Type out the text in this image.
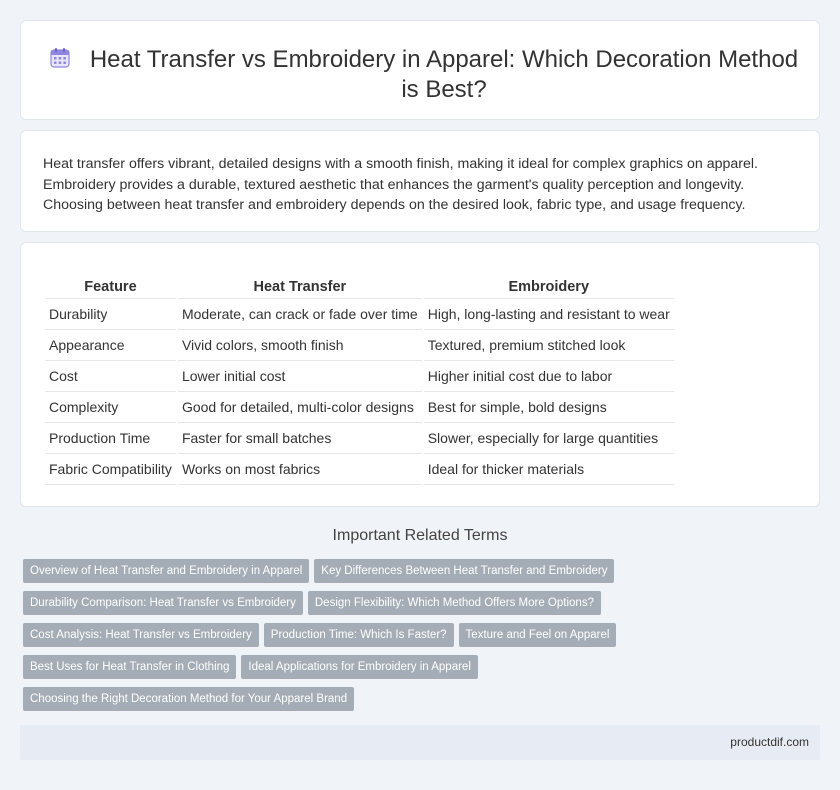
Heat Transfer vs Embroidery in Apparel: Which Decoration Method is Best?

Heat transfer offers vibrant, detailed designs with a smooth finish, making it ideal for complex graphics on apparel. Embroidery provides a durable, textured aesthetic that enhances the garment's quality perception and longevity. Choosing between heat transfer and embroidery depends on the desired look, fabric type, and usage frequency.

Feature	Heat Transfer	Embroidery
Durability	Moderate, can crack or fade over time	High, long-lasting and resistant to wear
Appearance	Vivid colors, smooth finish	Textured, premium stitched look
Cost	Lower initial cost	Higher initial cost due to labor
Complexity	Good for detailed, multi-color designs	Best for simple, bold designs
Production Time	Faster for small batches	Slower, especially for large quantities
Fabric Compatibility	Works on most fabrics	Ideal for thicker materials
Important Related Terms
Overview of Heat Transfer and Embroidery in Apparel Key Differences Between Heat Transfer and Embroidery
Durability Comparison: Heat Transfer vs Embroidery Design Flexibility: Which Method Offers More Options?
Cost Analysis: Heat Transfer vs Embroidery Production Time: Which Is Faster? Texture and Feel on Apparel
Best Uses for Heat Transfer in Clothing Ideal Applications for Embroidery in Apparel
Choosing the Right Decoration Method for Your Apparel Brand
productdif.com
